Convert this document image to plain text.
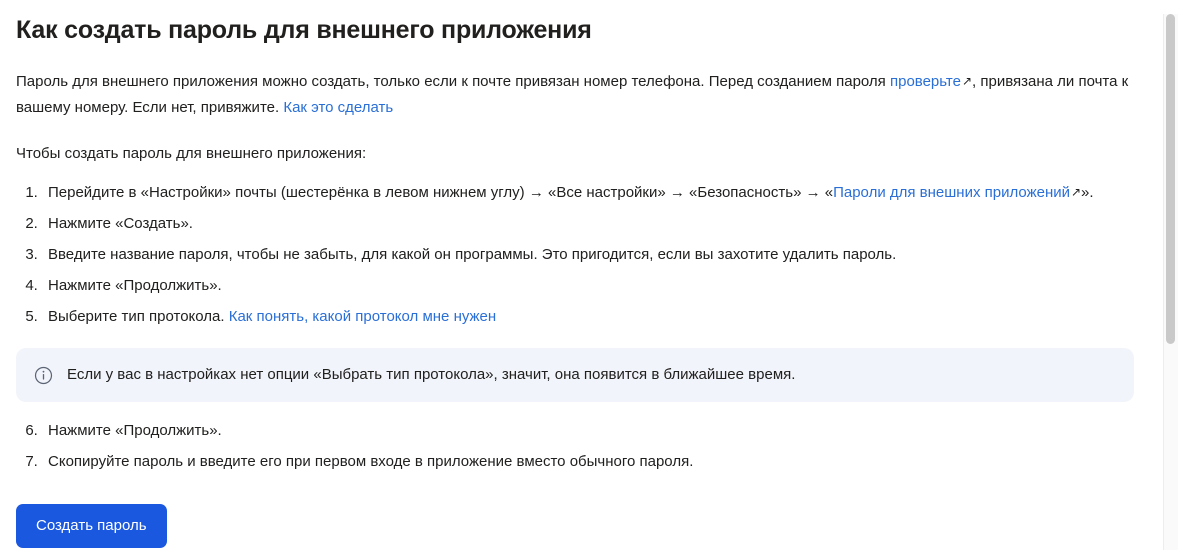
Как создать пароль для внешнего приложения

Пароль для внешнего приложения можно создать, только если к почте привязан номер телефона. Перед созданием пароля проверьте↗, привязана ли почта к вашему номеру. Если нет, привяжите. Как это сделать

Чтобы создать пароль для внешнего приложения:

1. Перейдите в «Настройки» почты (шестерёнка в левом нижнем углу) → «Все настройки» → «Безопасность» → «Пароли для внешних приложений↗».
2. Нажмите «Создать».
3. Введите название пароля, чтобы не забыть, для какой он программы. Это пригодится, если вы захотите удалить пароль.
4. Нажмите «Продолжить».
5. Выберите тип протокола. Как понять, какой протокол мне нужен
Если у вас в настройках нет опции «Выбрать тип протокола», значит, она появится в ближайшее время.
6. Нажмите «Продолжить».
7. Скопируйте пароль и введите его при первом входе в приложение вместо обычного пароля.
Создать пароль
